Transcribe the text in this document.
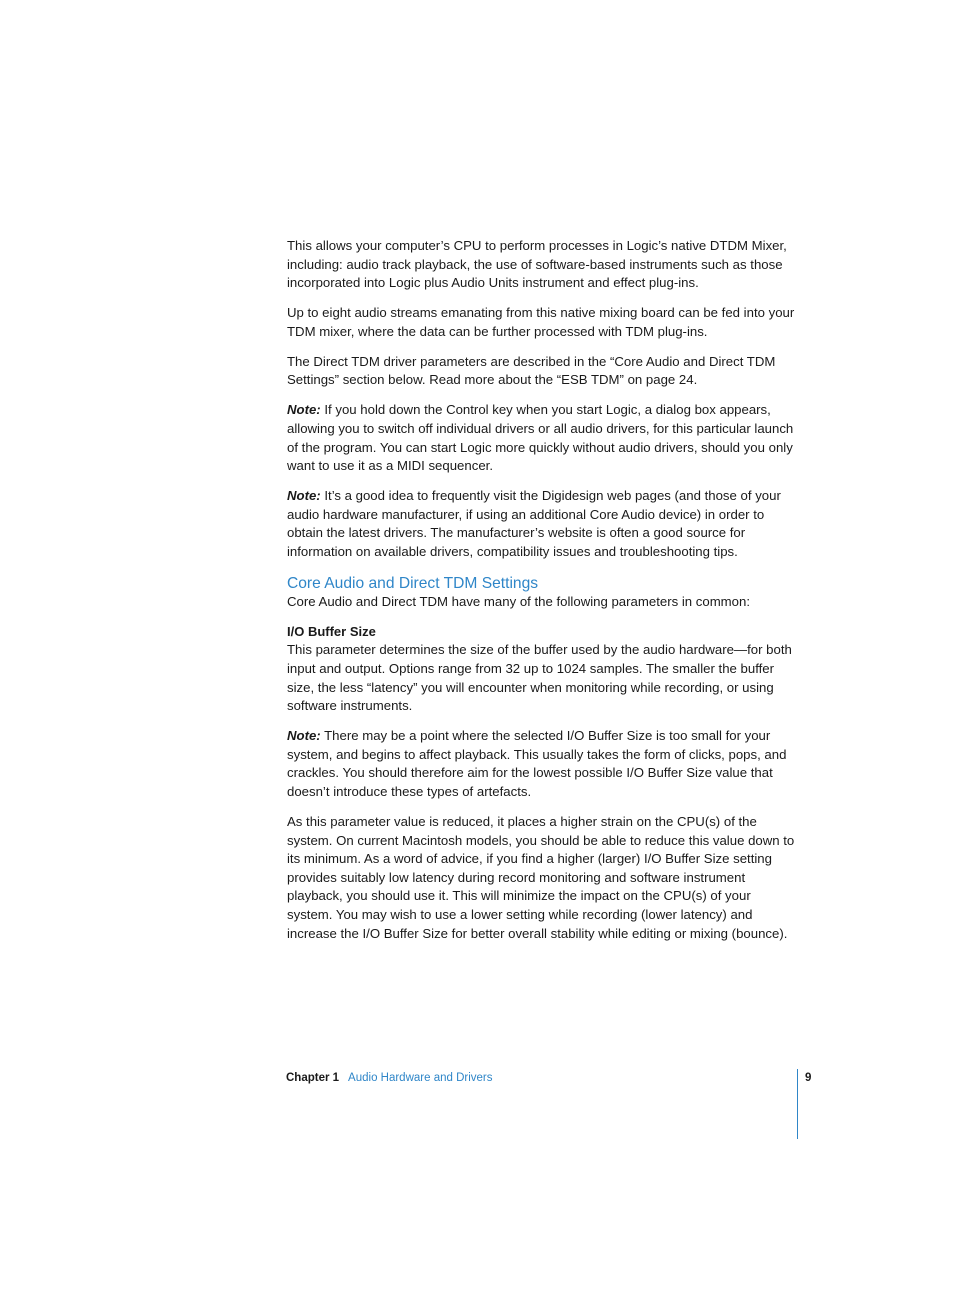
This allows your computer’s CPU to perform processes in Logic’s native DTDM Mixer, including: audio track playback, the use of software-based instruments such as those incorporated into Logic plus Audio Units instrument and effect plug-ins.

Up to eight audio streams emanating from this native mixing board can be fed into your TDM mixer, where the data can be further processed with TDM plug-ins.

The Direct TDM driver parameters are described in the “Core Audio and Direct TDM Settings” section below. Read more about the “ESB TDM” on page 24.

Note: If you hold down the Control key when you start Logic, a dialog box appears, allowing you to switch off individual drivers or all audio drivers, for this particular launch of the program. You can start Logic more quickly without audio drivers, should you only want to use it as a MIDI sequencer.

Note: It’s a good idea to frequently visit the Digidesign web pages (and those of your audio hardware manufacturer, if using an additional Core Audio device) in order to obtain the latest drivers. The manufacturer’s website is often a good source for information on available drivers, compatibility issues and troubleshooting tips.

Core Audio and Direct TDM Settings

Core Audio and Direct TDM have many of the following parameters in common:

I/O Buffer Size

This parameter determines the size of the buffer used by the audio hardware—for both input and output. Options range from 32 up to 1024 samples. The smaller the buffer size, the less “latency” you will encounter when monitoring while recording, or using software instruments.

Note: There may be a point where the selected I/O Buffer Size is too small for your system, and begins to affect playback. This usually takes the form of clicks, pops, and crackles. You should therefore aim for the lowest possible I/O Buffer Size value that doesn’t introduce these types of artefacts.

As this parameter value is reduced, it places a higher strain on the CPU(s) of the system. On current Macintosh models, you should be able to reduce this value down to its minimum. As a word of advice, if you find a higher (larger) I/O Buffer Size setting provides suitably low latency during record monitoring and software instrument playback, you should use it. This will minimize the impact on the CPU(s) of your system. You may wish to use a lower setting while recording (lower latency) and increase the I/O Buffer Size for better overall stability while editing or mixing (bounce).

Chapter 1 Audio Hardware and Drivers	9
